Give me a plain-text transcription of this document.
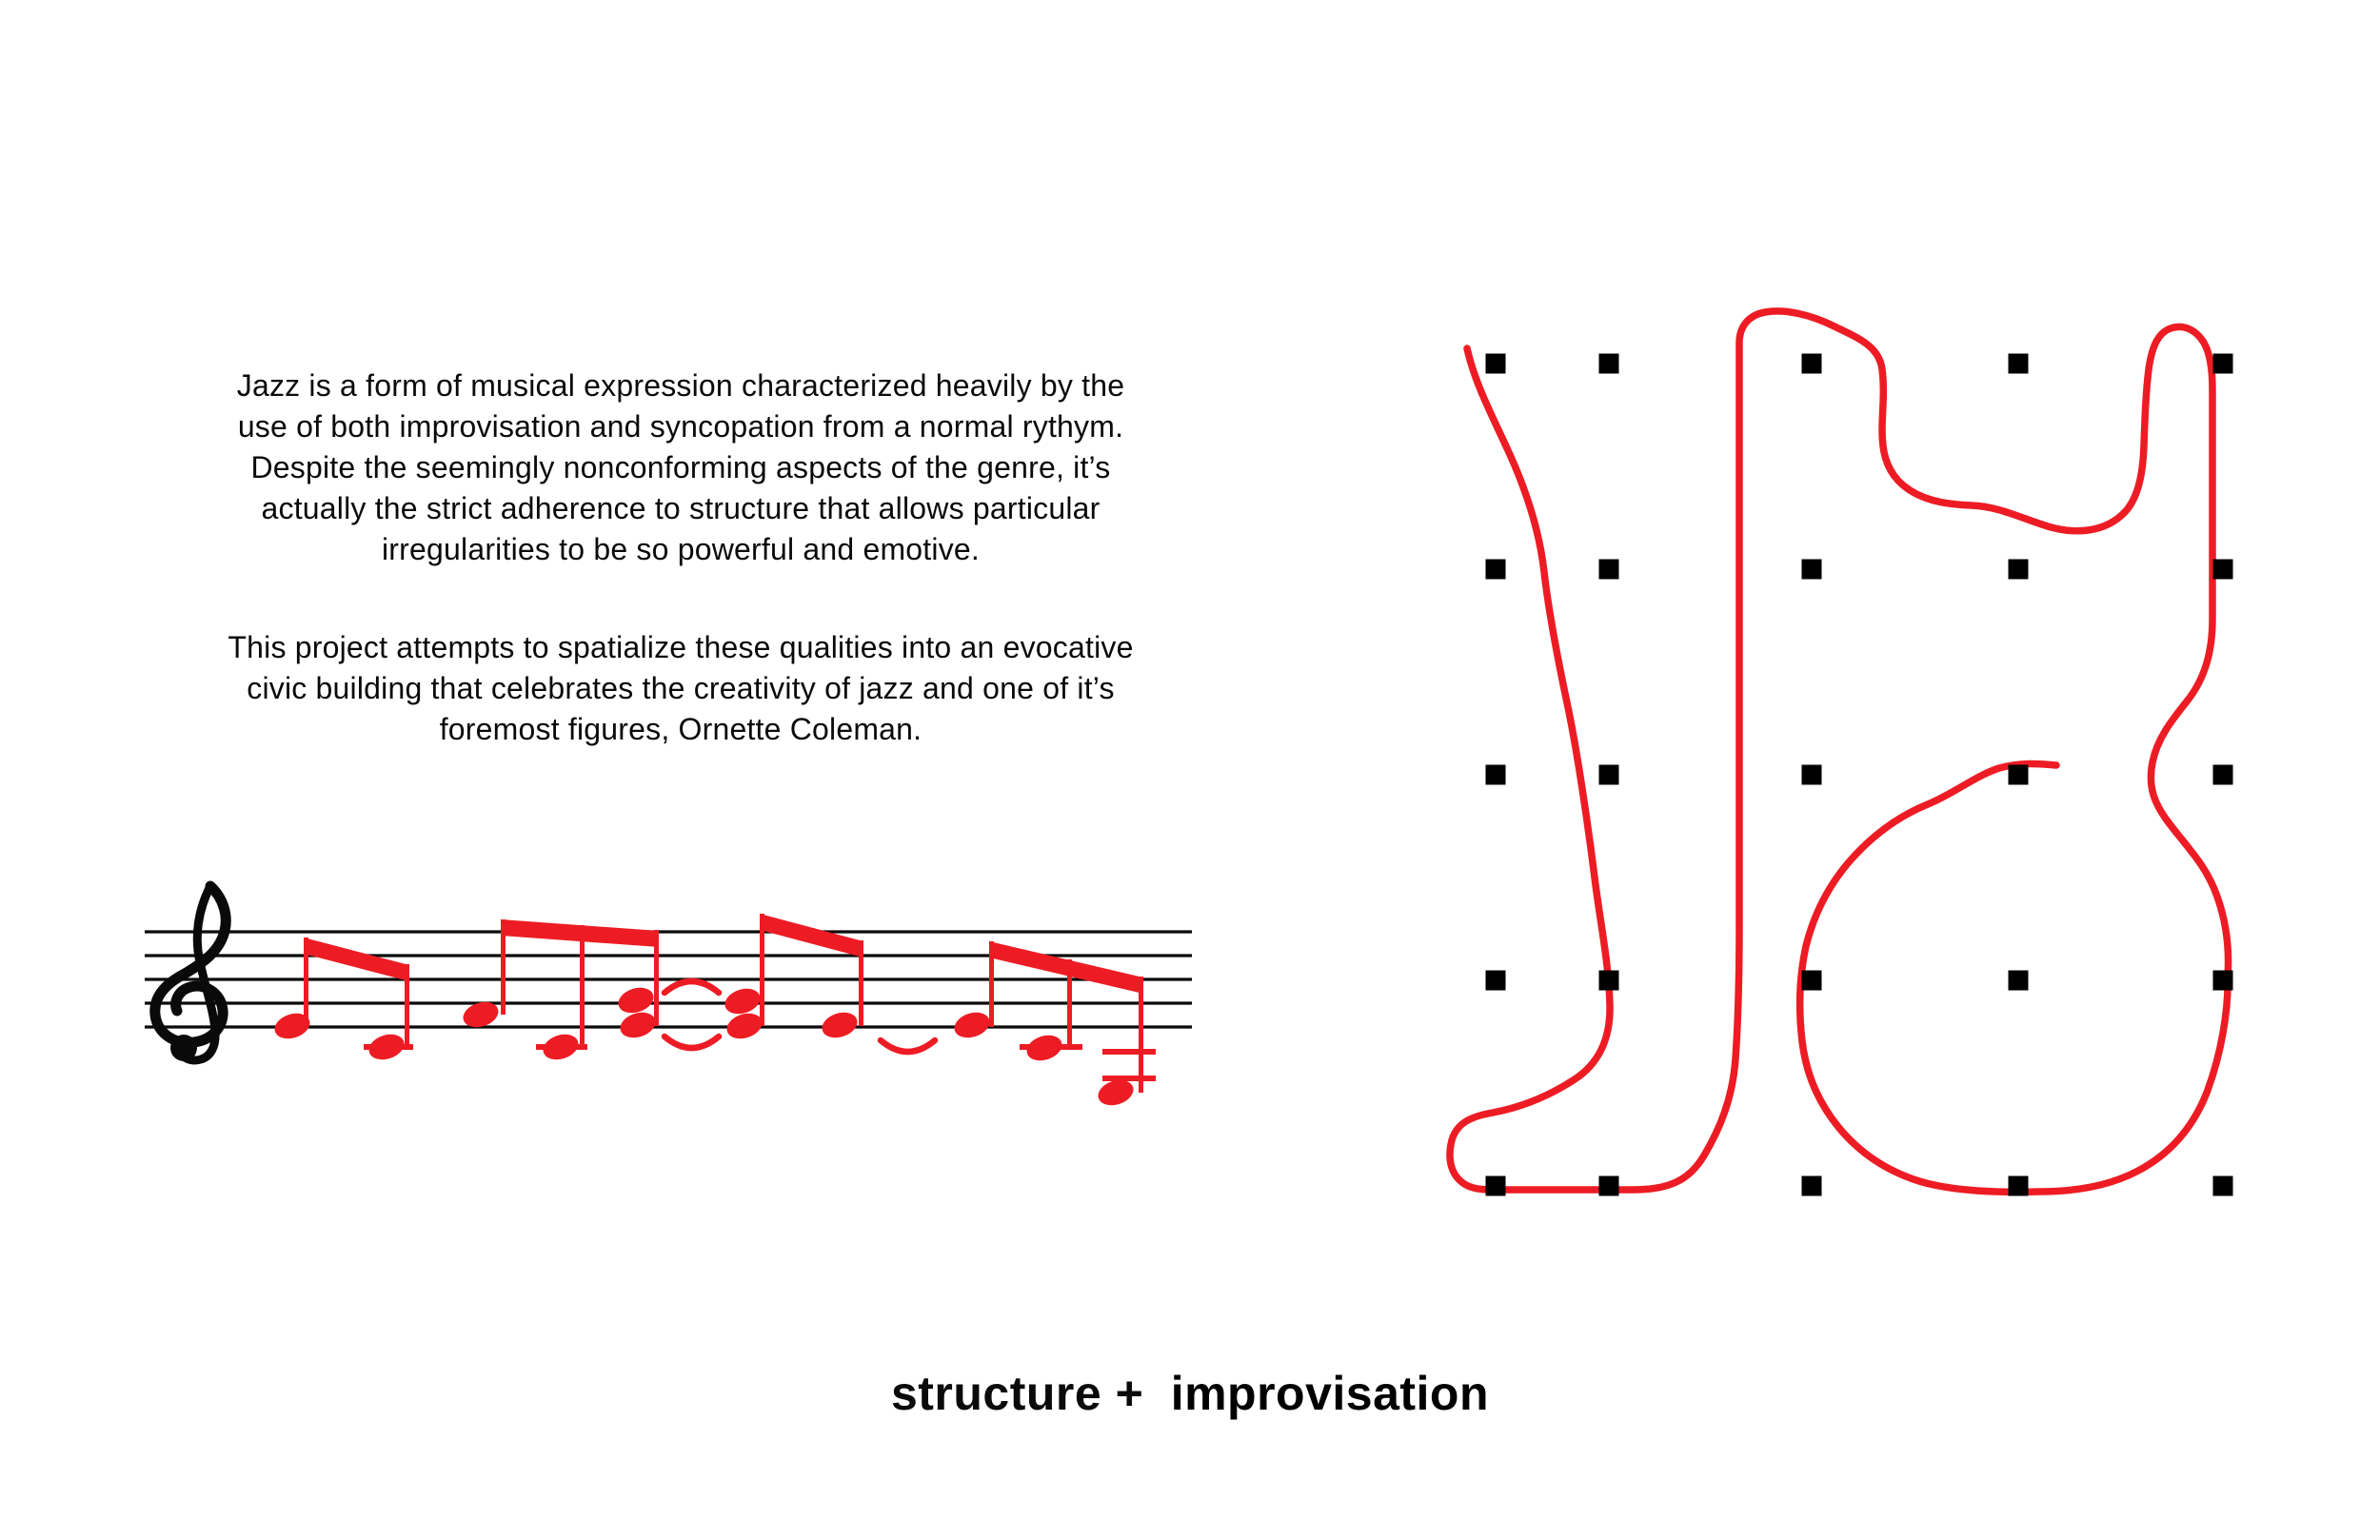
Jazz is a form of musical expression characterized heavily by the
use of both improvisation and syncopation from a normal rythym.
Despite the seemingly nonconforming aspects of the genre, it’s
actually the strict adherence to structure that allows particular
irregularities to be so powerful and emotive.
This project attempts to spatialize these qualities into an evocative
civic building that celebrates the creativity of jazz and one of it’s
foremost figures, Ornette Coleman.
structure + improvisation
